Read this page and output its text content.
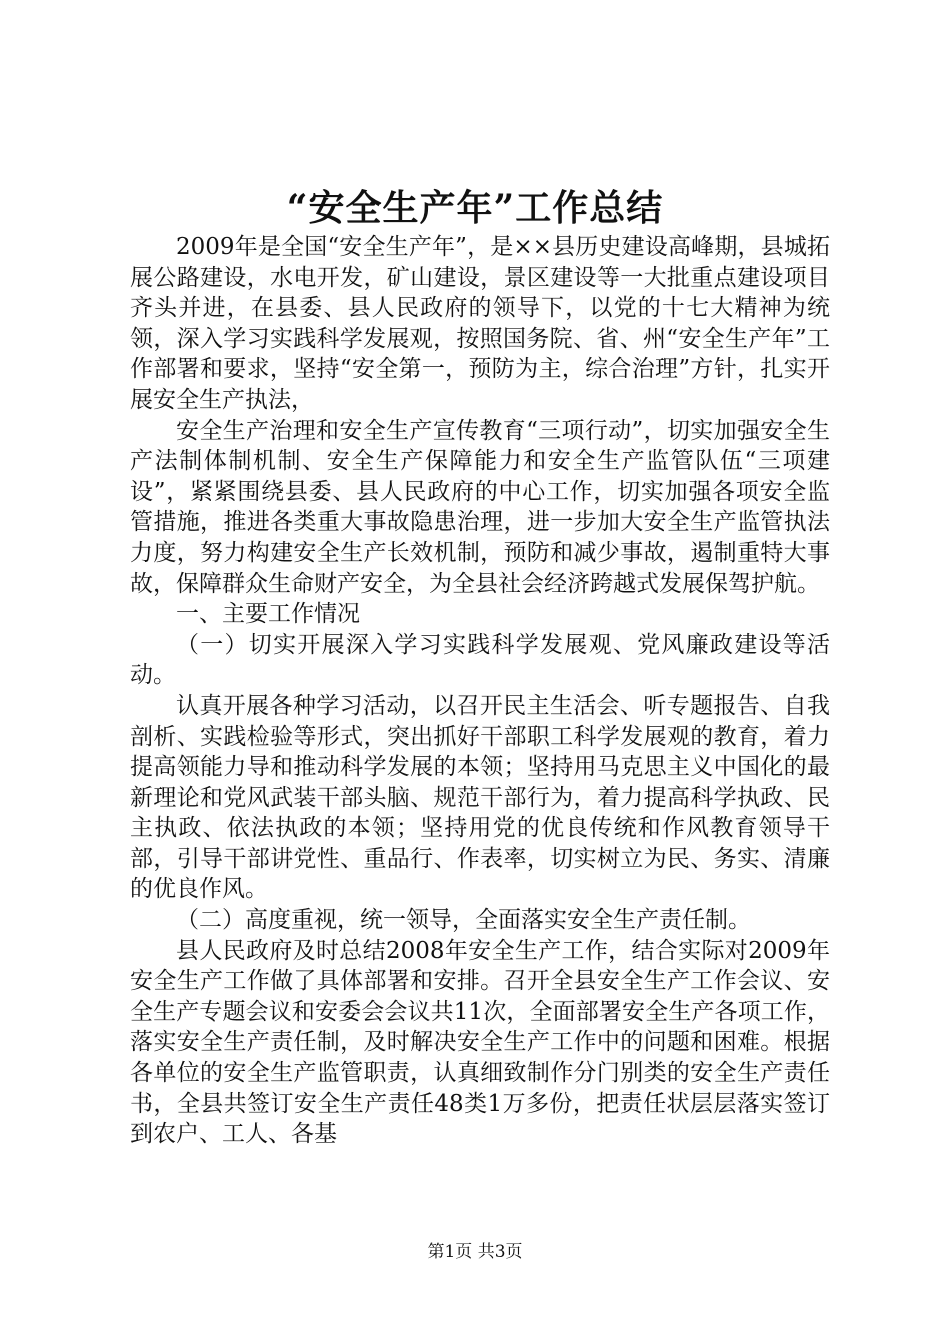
“安全生产年”工作总结

2009年是全国“安全生产年”，是××县历史建设高峰期，县城拓展公路建设，水电开发，矿山建设，景区建设等一大批重点建设项目齐头并进，在县委、县人民政府的领导下，以党的十七大精神为统领，深入学习实践科学发展观，按照国务院、省、州“安全生产年”工作部署和要求，坚持“安全第一，预防为主，综合治理”方针，扎实开展安全生产执法，

安全生产治理和安全生产宣传教育“三项行动”，切实加强安全生产法制体制机制、安全生产保障能力和安全生产监管队伍“三项建设”，紧紧围绕县委、县人民政府的中心工作，切实加强各项安全监管措施，推进各类重大事故隐患治理，进一步加大安全生产监管执法力度，努力构建安全生产长效机制，预防和减少事故，遏制重特大事故，保障群众生命财产安全，为全县社会经济跨越式发展保驾护航。

一、主要工作情况

（一）切实开展深入学习实践科学发展观、党风廉政建设等活动。

认真开展各种学习活动，以召开民主生活会、听专题报告、自我剖析、实践检验等形式，突出抓好干部职工科学发展观的教育，着力提高领能力导和推动科学发展的本领；坚持用马克思主义中国化的最新理论和党风武装干部头脑、规范干部行为，着力提高科学执政、民主执政、依法执政的本领；坚持用党的优良传统和作风教育领导干部，引导干部讲党性、重品行、作表率，切实树立为民、务实、清廉的优良作风。

（二）高度重视，统一领导，全面落实安全生产责任制。

县人民政府及时总结2008年安全生产工作，结合实际对2009年安全生产工作做了具体部署和安排。召开全县安全生产工作会议、安全生产专题会议和安委会会议共11次，全面部署安全生产各项工作，落实安全生产责任制，及时解决安全生产工作中的问题和困难。根据各单位的安全生产监管职责，认真细致制作分门别类的安全生产责任书，全县共签订安全生产责任48类1万多份，把责任状层层落实签订到农户、工人、各基

第1页 共3页
